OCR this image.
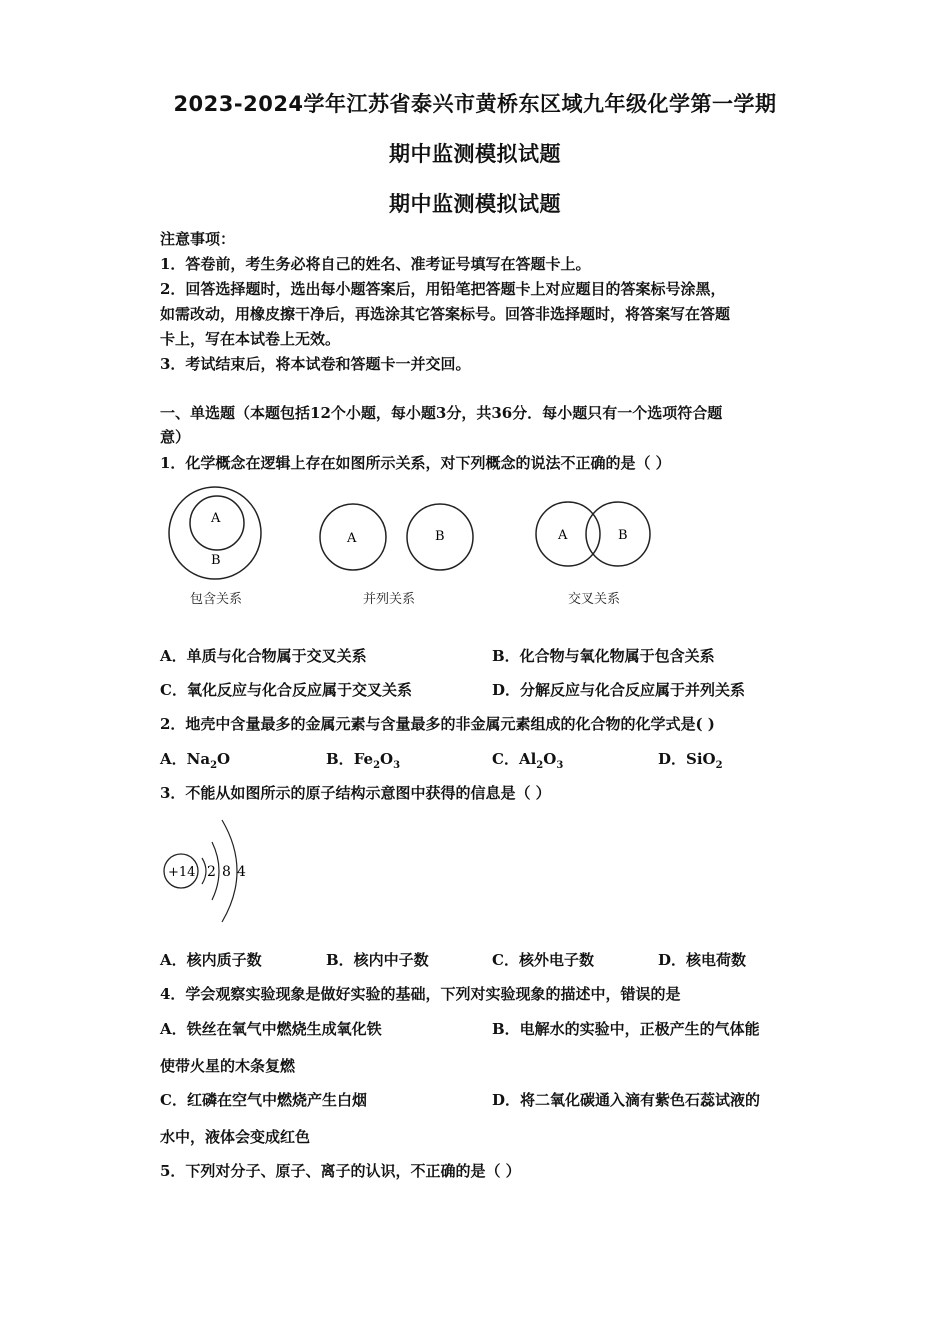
2023-2024学年江苏省泰兴市黄桥东区域九年级化学第一学期
期中监测模拟试题
期中监测模拟试题
注意事项：
1．答卷前，考生务必将自己的姓名、准考证号填写在答题卡上。
2．回答选择题时，选出每小题答案后，用铅笔把答题卡上对应题目的答案标号涂黑，
如需改动，用橡皮擦干净后，再选涂其它答案标号。回答非选择题时，将答案写在答题
卡上，写在本试卷上无效。
3．考试结束后，将本试卷和答题卡一并交回。
一、单选题（本题包括12个小题，每小题3分，共36分．每小题只有一个选项符合题
意）
1．化学概念在逻辑上存在如图所示关系，对下列概念的说法不正确的是（ ）
A
B
包含关系
A	B
并列关系
A	B
交叉关系
A．单质与化合物属于交叉关系	B．化合物与氧化物属于包含关系
C．氧化反应与化合反应属于交叉关系	D．分解反应与化合反应属于并列关系
2．地壳中含量最多的金属元素与含量最多的非金属元素组成的化合物的化学式是( )
A．$Na_2O$	B．$Fe_2O_3$	C．$Al_2O_3$	D．SiO$_2$
3．不能从如图所示的原子结构示意图中获得的信息是（ ）
+14 2 8 4
A．核内质子数	B．核内中子数	C．核外电子数	D．核电荷数
4．学会观察实验现象是做好实验的基础，下列对实验现象的描述中，错误的是
A．铁丝在氧气中燃烧生成氧化铁	B．电解水的实验中，正极产生的气体能
使带火星的木条复燃
C．红磷在空气中燃烧产生白烟	D．将二氧化碳通入滴有紫色石蕊试液的
水中，液体会变成红色
5．下列对分子、原子、离子的认识，不正确的是（ ）
